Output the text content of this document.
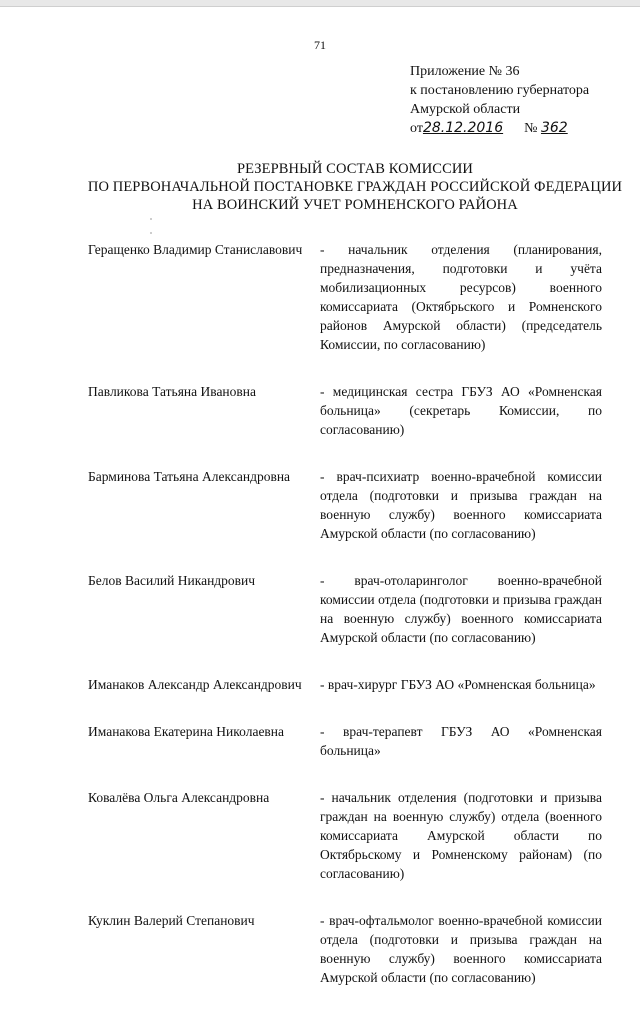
71
Приложение № 36
к постановлению губернатора
Амурской области
от28.12.2016 № 362
РЕЗЕРВНЫЙ СОСТАВ КОМИССИИ
ПО ПЕРВОНАЧАЛЬНОЙ ПОСТАНОВКЕ ГРАЖДАН РОССИЙСКОЙ ФЕДЕРАЦИИ
НА ВОИНСКИЙ УЧЕТ РОМНЕНСКОГО РАЙОНА
Геращенко Владимир Станиславович	- начальник отделения (планирования, предназначения, подготовки и учёта мобилизационных ресурсов) военного комиссариата (Октябрьского и Ромненского районов Амурской области) (председатель Комиссии, по согласованию)
Павликова Татьяна Ивановна	- медицинская сестра ГБУЗ АО «Ромненская больница» (секретарь Комиссии, по согласованию)
Барминова Татьяна Александровна	- врач-психиатр военно-врачебной комиссии отдела (подготовки и призыва граждан на военную службу) военного комиссариата Амурской области (по согласованию)
Белов Василий Никандрович	- врач-отоларинголог военно-врачебной комиссии отдела (подготовки и призыва граждан на военную службу) военного комиссариата Амурской области (по согласованию)
Иманаков Александр Александрович	- врач-хирург ГБУЗ АО «Ромненская больница»
Иманакова Екатерина Николаевна	- врач-терапевт ГБУЗ АО «Ромненская больница»
Ковалёва Ольга Александровна	- начальник отделения (подготовки и призыва граждан на военную службу) отдела (военного комиссариата Амурской области по Октябрьскому и Ромненскому районам) (по согласованию)
Куклин Валерий Степанович	- врач-офтальмолог военно-врачебной комиссии отдела (подготовки и призыва граждан на военную службу) военного комиссариата Амурской области (по согласованию)
